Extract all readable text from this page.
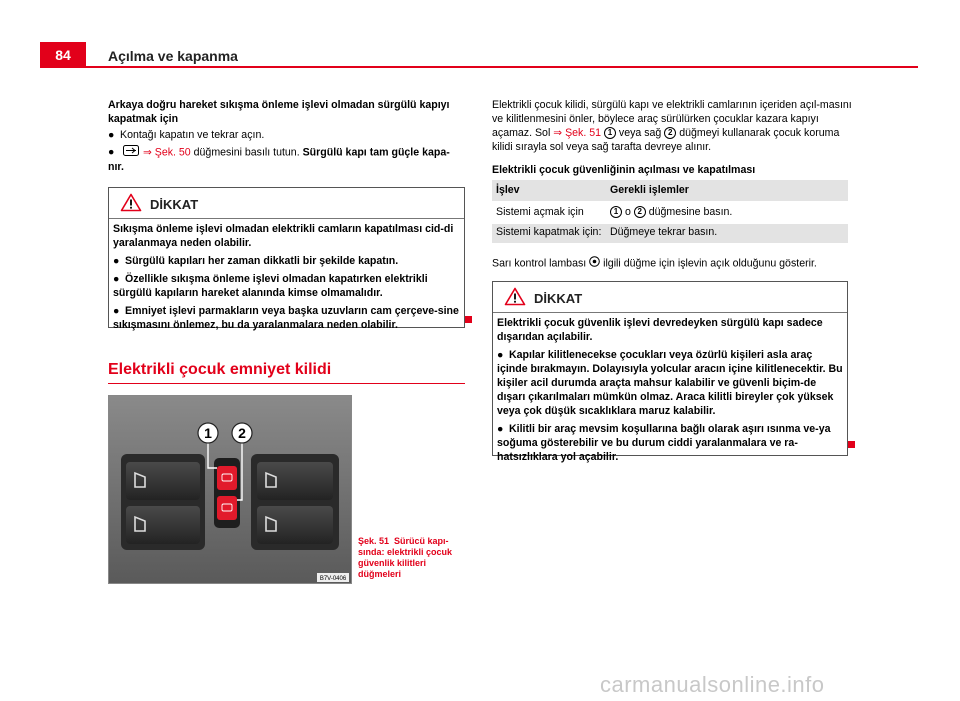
84	Açılma ve kapanma
Arkaya doğru hareket sıkışma önleme işlevi olmadan sürgülü kapıyı kapatmak için
● Kontağı kapatın ve tekrar açın.
●	⇒ Şek. 50 düğmesini basılı tutun. Sürgülü kapı tam güçle kapa-nır.
DİKKAT

Sıkışma önleme işlevi olmadan elektrikli camların kapatılması cid-di yaralanmaya neden olabilir.

● Sürgülü kapıları her zaman dikkatli bir şekilde kapatın.

● Özellikle sıkışma önleme işlevi olmadan kapatırken elektrikli sürgülü kapıların hareket alanında kimse olmamalıdır.

● Emniyet işlevi parmakların veya başka uzuvların cam çerçeve-sine sıkışmasını önlemez, bu da yaralanmalara neden olabilir.

Elektrikli çocuk emniyet kilidi
1 2
B7V-0406
Şek. 51 Sürücü kapı-sında: elektrikli çocuk güvenlik kilitleri düğmeleri
Elektrikli çocuk kilidi, sürgülü kapı ve elektrikli camlarının içeriden açıl-masını ve kilitlenmesini önler, böylece araç sürülürken çocuklar kazara kapıyı açamaz. Sol ⇒ Şek. 51 1 veya sağ 2 düğmeyi kullanarak çocuk koruma kilidi sırayla sol veya sağ tarafta devreye alınır.
Elektrikli çocuk güvenliğinin açılması ve kapatılması
İşlev	Gerekli işlemler
Sistemi açmak için	1 o 2 düğmesine basın.
Sistemi kapatmak için:	Düğmeye tekrar basın.
Sarı kontrol lambası  ilgili düğme için işlevin açık olduğunu gösterir.
DİKKAT

Elektrikli çocuk güvenlik işlevi devredeyken sürgülü kapı sadece dışarıdan açılabilir.

● Kapılar kilitlenecekse çocukları veya özürlü kişileri asla araç içinde bırakmayın. Dolayısıyla yolcular aracın içine kilitlenecektir. Bu kişiler acil durumda araçta mahsur kalabilir ve güvenli biçim-de dışarı çıkarılmaları mümkün olmaz. Araca kilitli bireyler çok yüksek veya çok düşük sıcaklıklara maruz kalabilir.

● Kilitli bir araç mevsim koşullarına bağlı olarak aşırı ısınma ve-ya soğuma gösterebilir ve bu durum ciddi yaralanmalara ve ra-hatsızlıklara yol açabilir.

carmanualsonline.info
